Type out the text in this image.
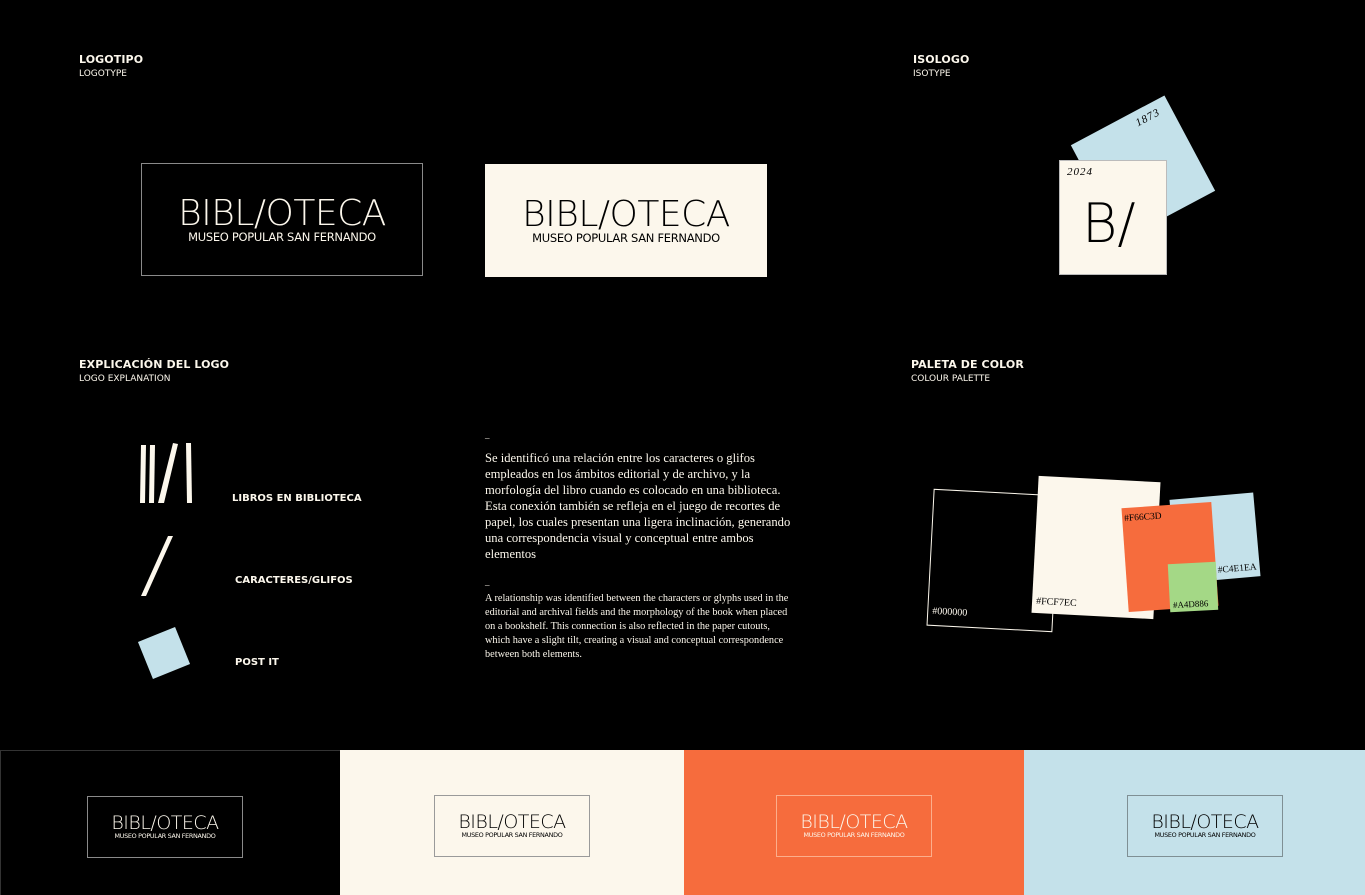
LOGOTIPO
LOGOTYPE
ISOLOGO
ISOTYPE
EXPLICACIÓN DEL LOGO
LOGO EXPLANATION
PALETA DE COLOR
COLOUR PALETTE
BIBL/OTECA
MUSEO POPULAR SAN FERNANDO
BIBL/OTECA
MUSEO POPULAR SAN FERNANDO
1873
2024
B/
LIBROS EN BIBLIOTECA
CARACTERES/GLIFOS
POST IT
_
Se identificó una relación entre los caracteres o glifos empleados en los ámbitos editorial y de archivo, y la morfología del libro cuando es colocado en una biblioteca. Esta conexión también se refleja en el juego de recortes de papel, los cuales presentan una ligera inclinación, generando una correspondencia visual y conceptual entre ambos elementos
_
A relationship was identified between the characters or glyphs used in the editorial and archival fields and the morphology of the book when placed on a bookshelf. This connection is also reflected in the paper cutouts, which have a slight tilt, creating a visual and conceptual correspondence between both elements.
#000000
#FCF7EC
#C4E1EA
#F66C3D
#A4D886
BIBL/OTECA
MUSEO POPULAR SAN FERNANDO
BIBL/OTECA
MUSEO POPULAR SAN FERNANDO
BIBL/OTECA
MUSEO POPULAR SAN FERNANDO
BIBL/OTECA
MUSEO POPULAR SAN FERNANDO
